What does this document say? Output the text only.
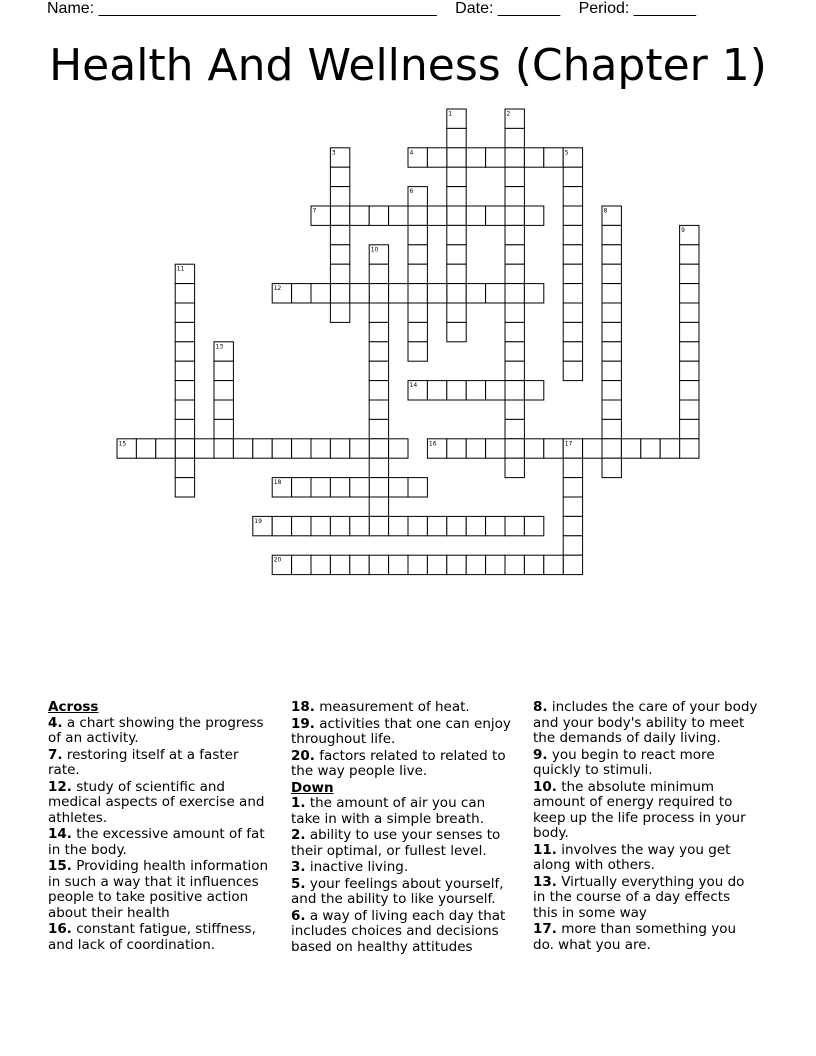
Name: ______________________________________ Date: _______ Period: _______
Health And Wellness (Chapter 1)
1	2
3	4	5
6
7	8
9
10
11
12
13
14
15	16	17
18
19
20
Across
4. a chart showing the progress of an activity.
7. restoring itself at a faster rate.
12. study of scientific and medical aspects of exercise and athletes.
14. the excessive amount of fat in the body.
15. Providing health information in such a way that it influences people to take positive action about their health
16. constant fatigue, stiffness, and lack of coordination.
18. measurement of heat.
19. activities that one can enjoy throughout life.
20. factors related to related to the way people live.
Down
1. the amount of air you can take in with a simple breath.
2. ability to use your senses to their optimal, or fullest level.
3. inactive living.
5. your feelings about yourself, and the ability to like yourself.
6. a way of living each day that includes choices and decisions based on healthy attitudes
8. includes the care of your body and your body's ability to meet the demands of daily living.
9. you begin to react more quickly to stimuli.
10. the absolute minimum amount of energy required to keep up the life process in your body.
11. involves the way you get along with others.
13. Virtually everything you do in the course of a day effects this in some way
17. more than something you do. what you are.
